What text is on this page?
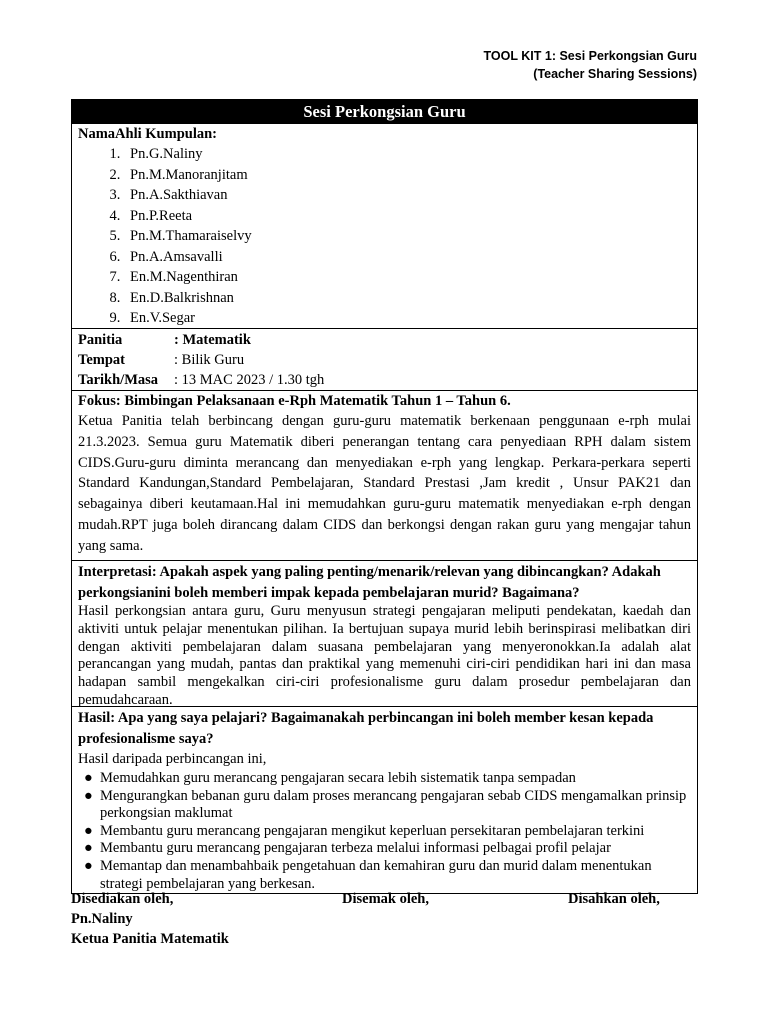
TOOL KIT 1: Sesi Perkongsian Guru
(Teacher Sharing Sessions)
Sesi Perkongsian Guru
NamaAhli Kumpulan:
1. Pn.G.Naliny
2. Pn.M.Manoranjitam
3. Pn.A.Sakthiavan
4. Pn.P.Reeta
5. Pn.M.Thamaraiselvy
6. Pn.A.Amsavalli
7. En.M.Nagenthiran
8. En.D.Balkrishnan
9. En.V.Segar
Panitia	: Matematik
Tempat	: Bilik Guru
Tarikh/Masa	: 13 MAC 2023 / 1.30 tgh
Fokus: Bimbingan Pelaksanaan e-Rph Matematik Tahun 1 – Tahun 6.
Ketua Panitia telah berbincang dengan guru-guru matematik berkenaan penggunaan e-rph mulai 21.3.2023. Semua guru Matematik diberi penerangan tentang cara penyediaan RPH dalam sistem CIDS.Guru-guru diminta merancang dan menyediakan e-rph yang lengkap. Perkara-perkara seperti Standard Kandungan,Standard Pembelajaran, Standard Prestasi ,Jam kredit , Unsur PAK21 dan sebagainya diberi keutamaan.Hal ini memudahkan guru-guru matematik menyediakan e-rph dengan mudah.RPT juga boleh dirancang dalam CIDS dan berkongsi dengan rakan guru yang mengajar tahun yang sama.
Interpretasi: Apakah aspek yang paling penting/menarik/relevan yang dibincangkan? Adakah perkongsianini boleh memberi impak kepada pembelajaran murid? Bagaimana?
Hasil perkongsian antara guru, Guru menyusun strategi pengajaran meliputi pendekatan, kaedah dan aktiviti untuk pelajar menentukan pilihan. Ia bertujuan supaya murid lebih berinspirasi melibatkan diri dengan aktiviti pembelajaran dalam suasana pembelajaran yang menyeronokkan.Ia adalah alat perancangan yang mudah, pantas dan praktikal yang memenuhi ciri-ciri pendidikan hari ini dan masa hadapan sambil mengekalkan ciri-ciri profesionalisme guru dalam prosedur pembelajaran dan pemudahcaraan.
Hasil: Apa yang saya pelajari? Bagaimanakah perbincangan ini boleh member kesan kepada profesionalisme saya?
Hasil daripada perbincangan ini,
● Memudahkan guru merancang pengajaran secara lebih sistematik tanpa sempadan
● Mengurangkan bebanan guru dalam proses merancang pengajaran sebab CIDS mengamalkan prinsip perkongsian maklumat
● Membantu guru merancang pengajaran mengikut keperluan persekitaran pembelajaran terkini
● Membantu guru merancang pengajaran terbeza melalui informasi pelbagai profil pelajar
● Memantap dan menambahbaik pengetahuan dan kemahiran guru dan murid dalam menentukan strategi pembelajaran yang berkesan.
Disediakan oleh,	Disemak oleh,	Disahkan oleh,
Pn.Naliny
Ketua Panitia Matematik
